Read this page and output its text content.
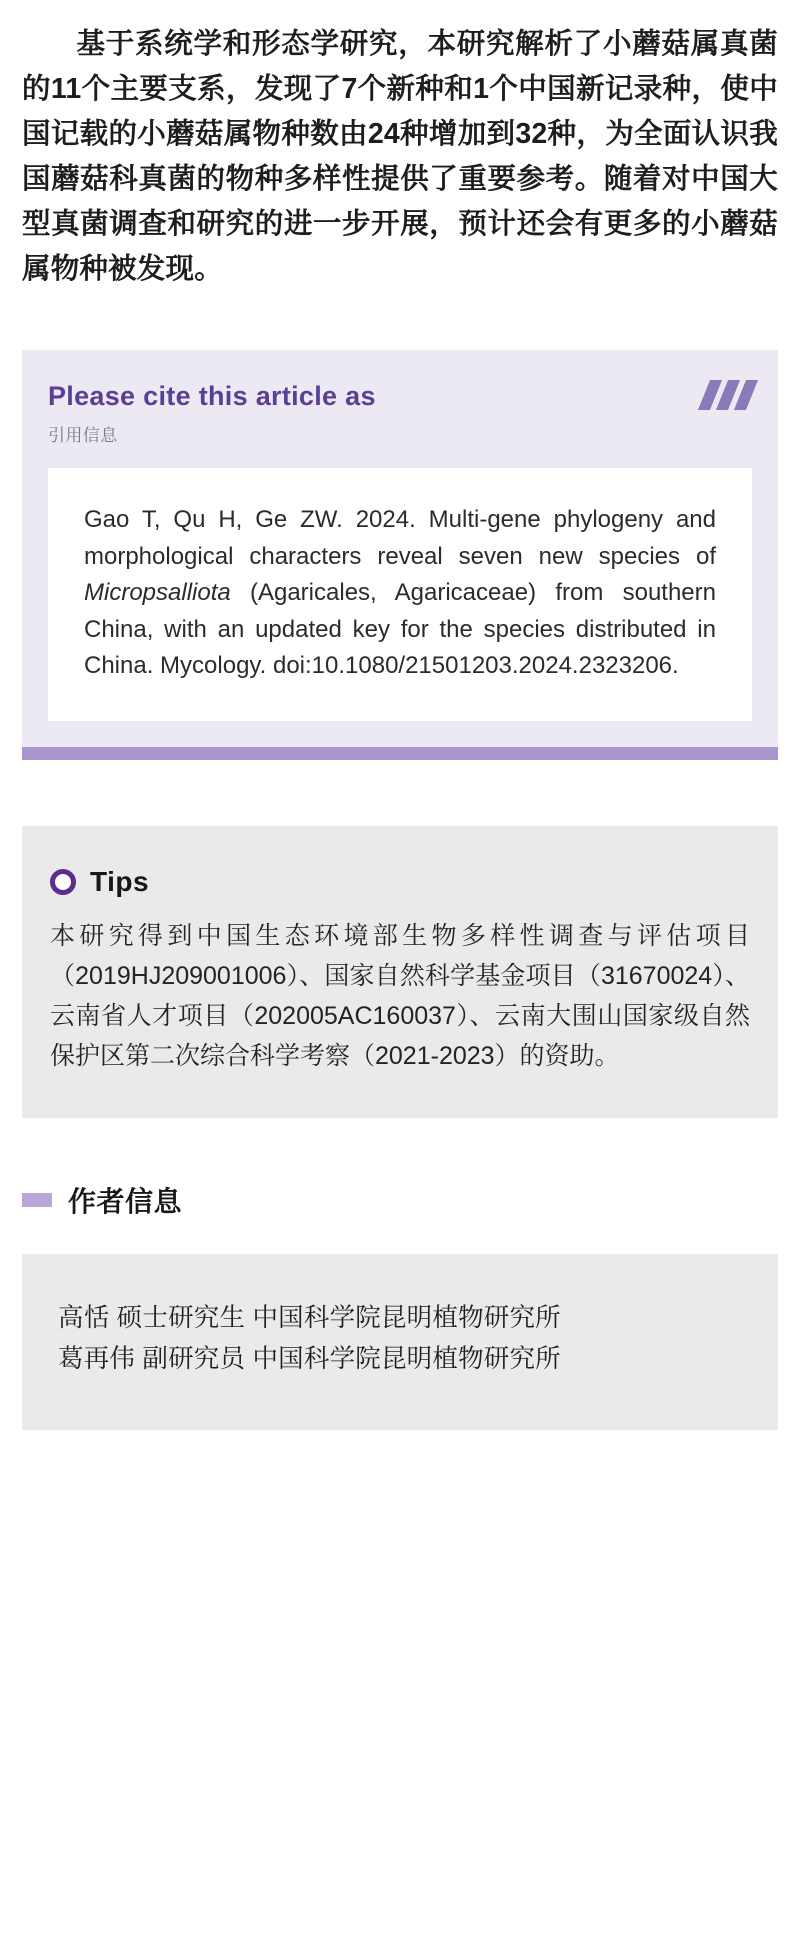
基于系统学和形态学研究，本研究解析了小蘑菇属真菌的11个主要支系，发现了7个新种和1个中国新记录种，使中国记载的小蘑菇属物种数由24种增加到32种，为全面认识我国蘑菇科真菌的物种多样性提供了重要参考。随着对中国大型真菌调查和研究的进一步开展，预计还会有更多的小蘑菇属物种被发现。

Please cite this article as
引用信息
Gao T, Qu H, Ge ZW. 2024. Multi-gene phylogeny and morphological characters reveal seven new species of Micropsalliota (Agaricales, Agaricaceae) from southern China, with an updated key for the species distributed in China. Mycology. doi:10.1080/21501203.2024.2323206.
Tips
本研究得到中国生态环境部生物多样性调查与评估项目（2019HJ209001006）、国家自然科学基金项目（31670024）、云南省人才项目（202005AC160037）、云南大围山国家级自然保护区第二次综合科学考察（2021-2023）的资助。
作者信息
高恬 硕士研究生 中国科学院昆明植物研究所
葛再伟 副研究员 中国科学院昆明植物研究所
